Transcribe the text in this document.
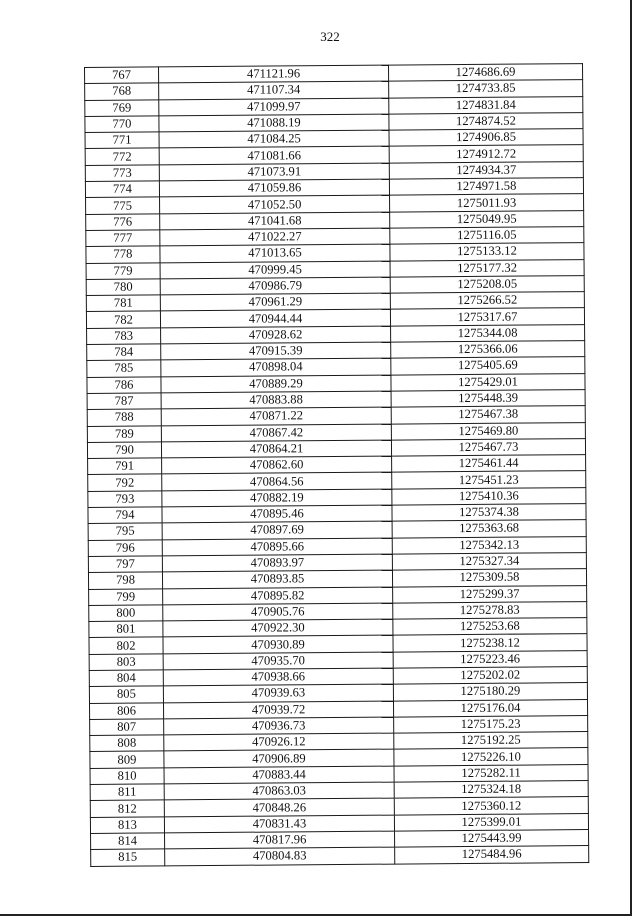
322
767	471121.96	1274686.69
768	471107.34	1274733.85
769	471099.97	1274831.84
770	471088.19	1274874.52
771	471084.25	1274906.85
772	471081.66	1274912.72
773	471073.91	1274934.37
774	471059.86	1274971.58
775	471052.50	1275011.93
776	471041.68	1275049.95
777	471022.27	1275116.05
778	471013.65	1275133.12
779	470999.45	1275177.32
780	470986.79	1275208.05
781	470961.29	1275266.52
782	470944.44	1275317.67
783	470928.62	1275344.08
784	470915.39	1275366.06
785	470898.04	1275405.69
786	470889.29	1275429.01
787	470883.88	1275448.39
788	470871.22	1275467.38
789	470867.42	1275469.80
790	470864.21	1275467.73
791	470862.60	1275461.44
792	470864.56	1275451.23
793	470882.19	1275410.36
794	470895.46	1275374.38
795	470897.69	1275363.68
796	470895.66	1275342.13
797	470893.97	1275327.34
798	470893.85	1275309.58
799	470895.82	1275299.37
800	470905.76	1275278.83
801	470922.30	1275253.68
802	470930.89	1275238.12
803	470935.70	1275223.46
804	470938.66	1275202.02
805	470939.63	1275180.29
806	470939.72	1275176.04
807	470936.73	1275175.23
808	470926.12	1275192.25
809	470906.89	1275226.10
810	470883.44	1275282.11
811	470863.03	1275324.18
812	470848.26	1275360.12
813	470831.43	1275399.01
814	470817.96	1275443.99
815	470804.83	1275484.96
